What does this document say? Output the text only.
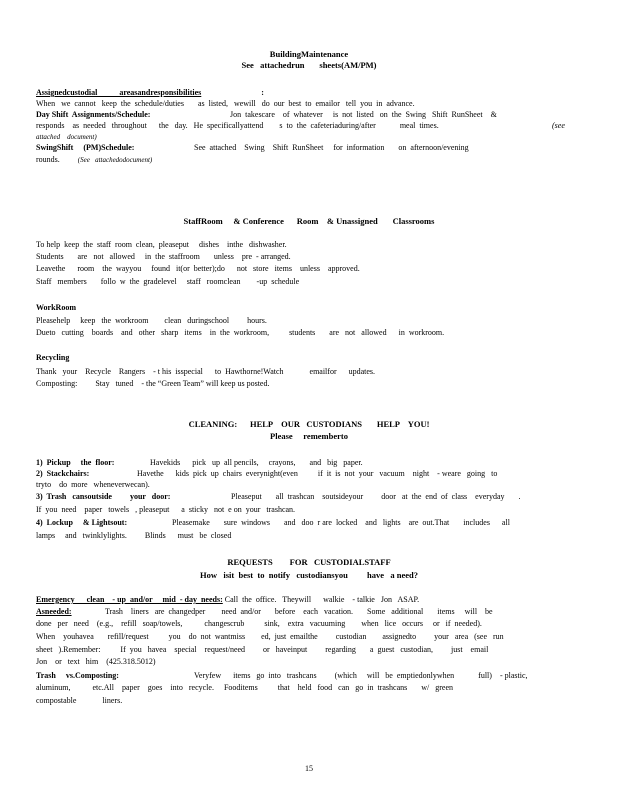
BuildingMaintenance
See   attachedrun       sheets(AM/PM)
Assignedcustodial           areasandresponsibilities	:
When   we  cannot   keep  the  schedule/duties       as  listed,   wewill   do  our  best  to  emailor   tell  you  in  advance.
Day Shift  Assignments/Schedule:	Jon  takescare    of  whatever     is  not  listed   on  the  Swing   Shift  RunSheet    &
responds    as  needed   throughout      the   day.   He  specificallyattend        s  to  the  cafeteriaduring/after            meal  times.	(see
attached    document)
SwingShift     (PM)Schedule:	See  attached    Swing    Shift  RunSheet     for  information       on  afternoon/evening
rounds.	(See   attachedodocument)
StaffRoom     & Conference      Room    & Unassigned       Classrooms
To help  keep  the  staff  room  clean,  pleaseput     dishes    inthe   dishwasher.
Students       are   not   allowed     in  the  staffroom       unless    pre  - arranged.
Leavethe      room    the  wayyou     found   it(or  better);do      not   store   items    unless    approved.
Staff   members       follo  w  the  gradelevel     staff   roomclean        -up  schedule
WorkRoom
Pleasehelp     keep   the  workroom        clean   duringschool         hours.
Dueto   cutting    boards    and   other   sharp   items    in  the  workroom,          students       are   not   allowed      in  workroom.
Recycling
Thank   your    Recycle    Rangers    - t his  isspecial      to  Hawthorne!Watch             emailfor      updates.
Composting:         Stay   tuned    - the “Green Team” will keep us posted.
CLEANING:      HELP    OUR   CUSTODIANS       HELP    YOU!
Please     rememberto
1)  Pickup     the  floor:	Havekids      pick   up  all pencils,     crayons,       and   big   paper.
2)  Stackchairs:	Havethe      kids  pick  up  chairs  everynight(even          if  it  is  not  your   vacuum    night    - weare   going   to
tryto    do  more   wheneverwecan).
3)  Trash   cansoutside         your   door:	Pleaseput       all  trashcan    soutsideyour         door   at  the  end  of  class    everyday       .
If  you  need    paper   towels   , pleaseput      a  sticky   not  e on  your   trashcan.
4)  Lockup     & Lightsout:	Pleasemake       sure  windows       and   doo  r are  locked    and   lights    are  out.That       includes      all
lamps     and   twinklylights.         Blinds      must   be  closed
REQUESTS        FOR   CUSTODIALSTAFF
How   isit  best  to  notify   custodiansyou         have   a need?
Emergency      clean    - up  and/or     mid  - day  needs: Call  the  office.   Theywill      walkie    - talkie   Jon   ASAP.
Asneeded:	Trash    liners   are  changedper        need  and/or       before    each   vacation.       Some   additional       items     will    be
done   per   need    (e.g.,    refill   soap/towels,           changescrub          sink,    extra   vacuuming        when   lice   occurs     or   if  needed).
When    youhavea       refill/request          you    do  not  wantmiss        ed,  just  emailthe         custodian        assignedto         your   area   (see   run
sheet   ).Remember:          If  you   havea    special    request/need         or   haveinput         regarding       a  guest   custodian,         just    email
Jon    or   text   him    (425.318.5012)
Trash     vs.Composting:	Veryfew      items   go  into   trashcans         (which     will   be  emptiedonlywhen            full)    - plastic,
aluminum,           etc.All    paper    goes    into   recycle.     Fooditems          that    held   food   can   go  in  trashcans       w/   green
compostable             liners.
15
